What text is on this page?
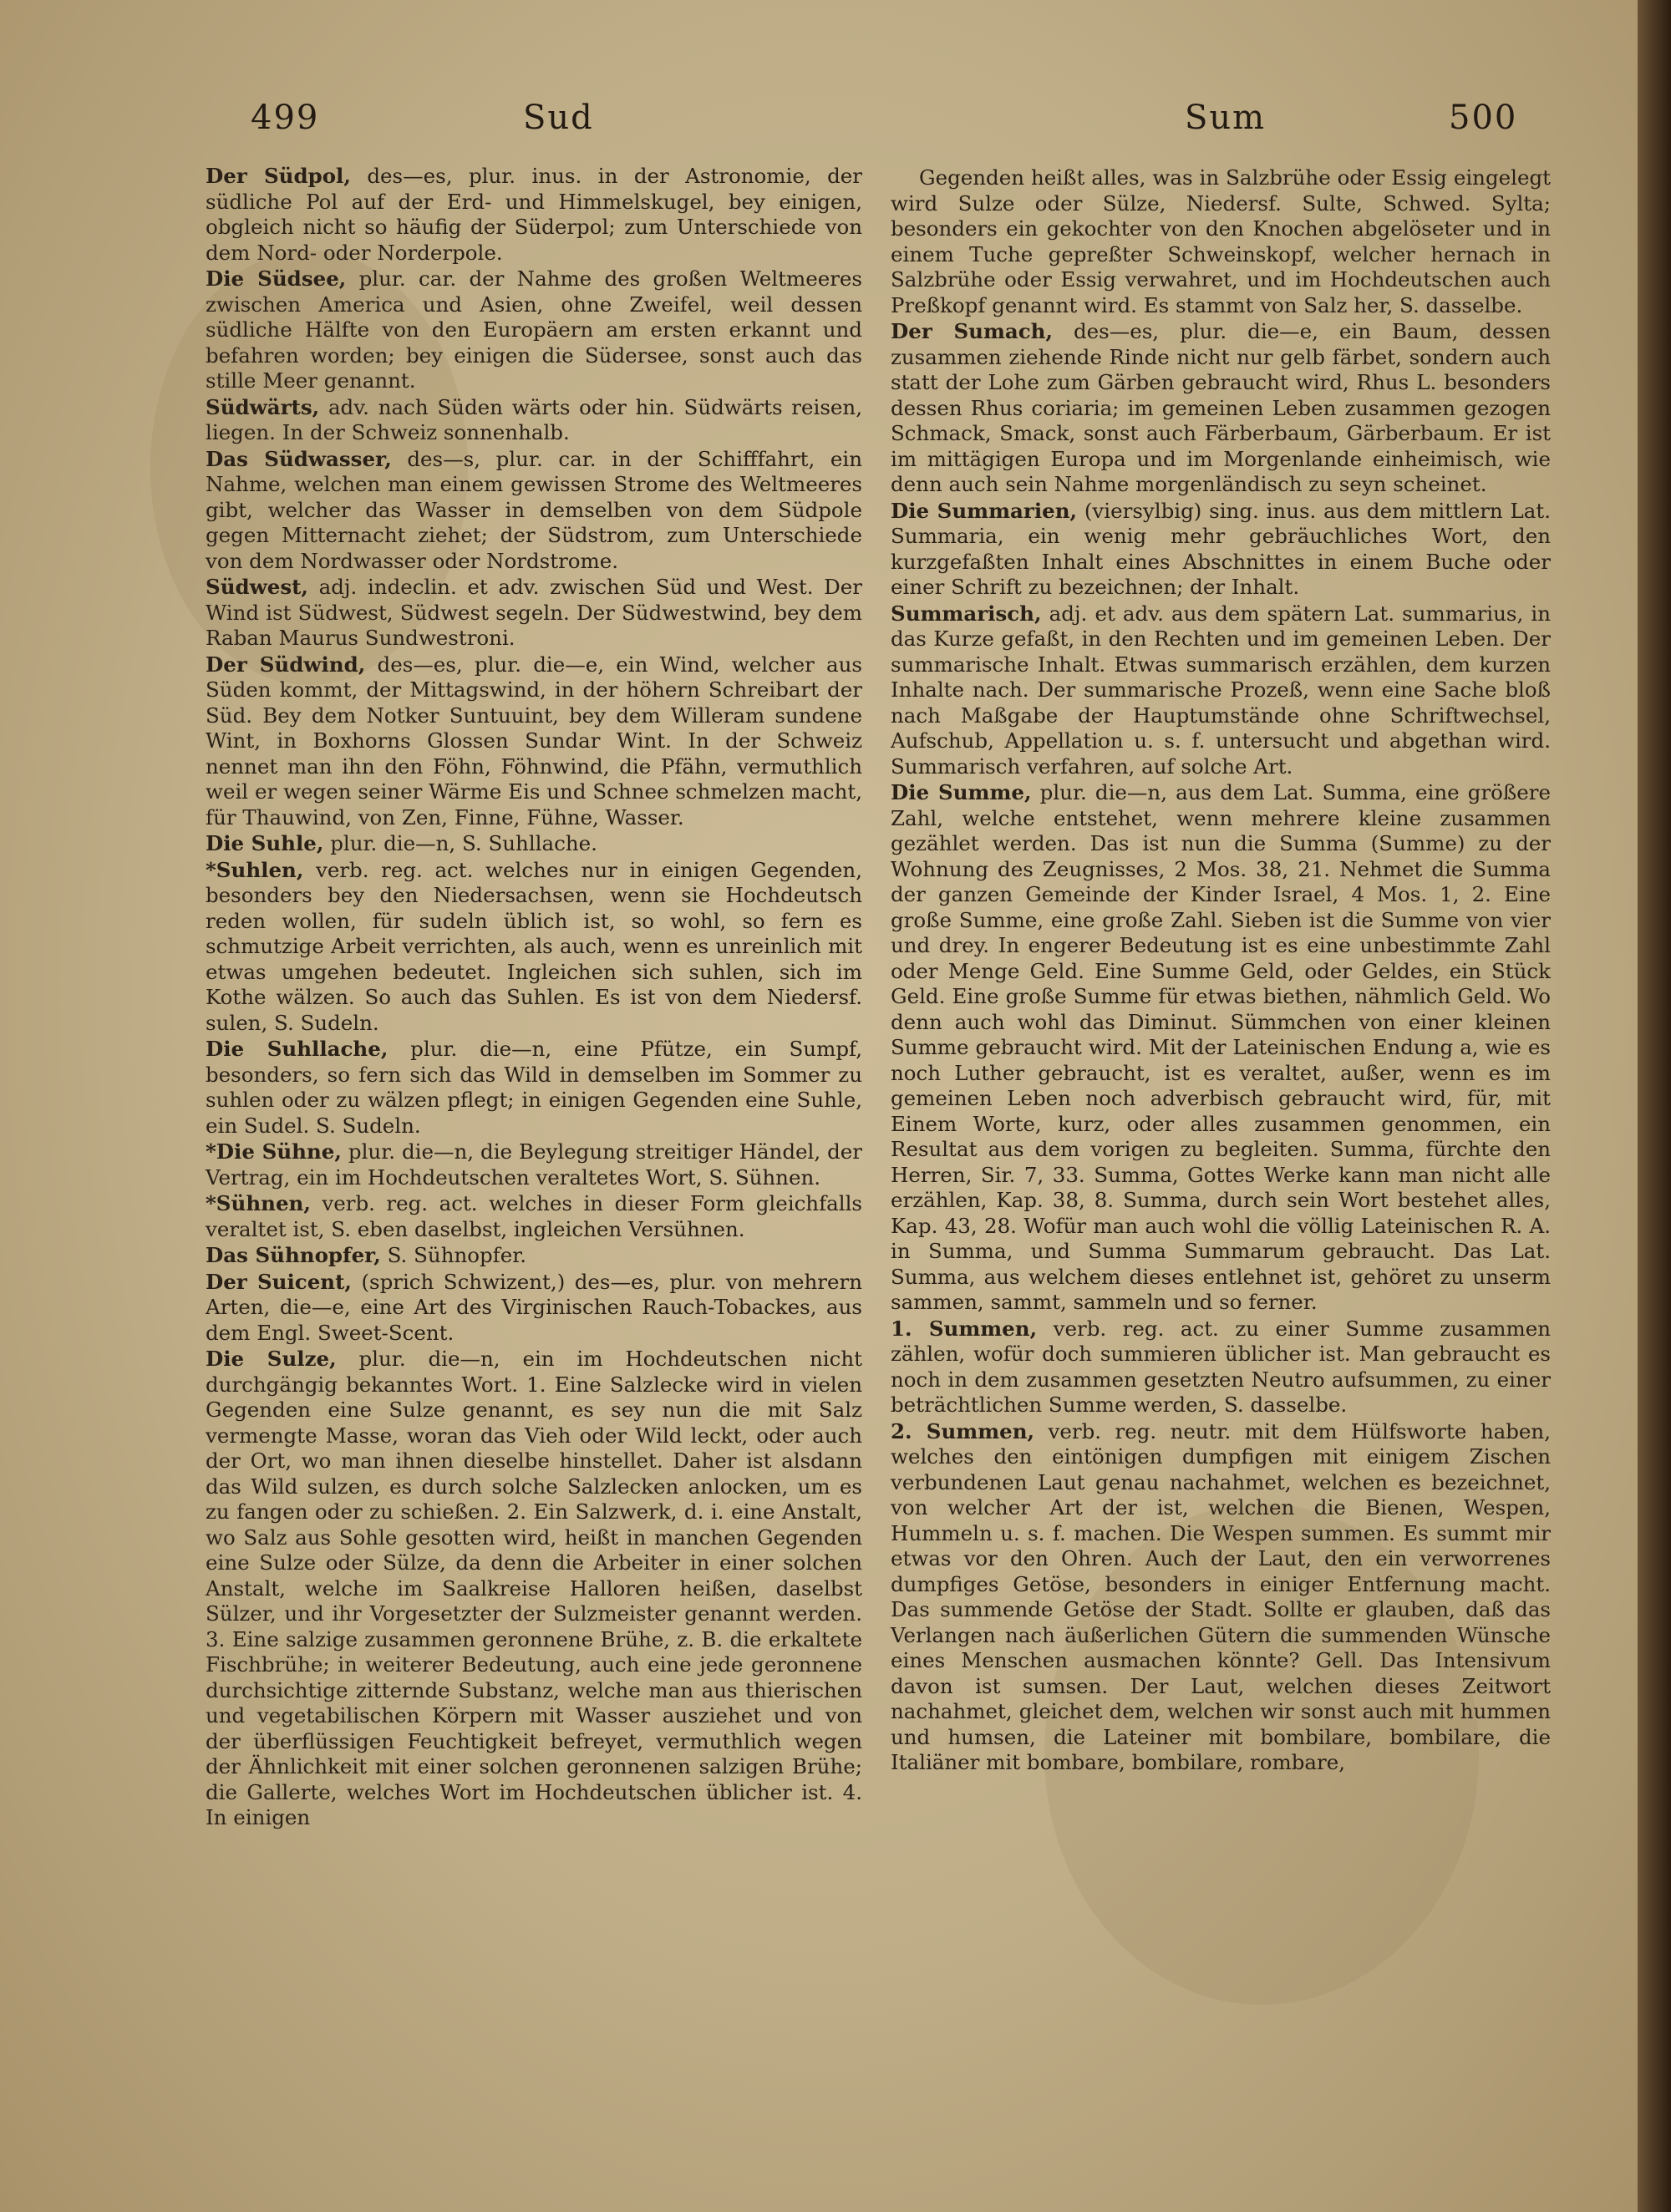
499	Sud	Sum	500

Der Südpol, des—es, plur. inus. in der Astronomie, der südliche Pol auf der Erd- und Himmelskugel, bey einigen, obgleich nicht so häufig der Süderpol; zum Unterschiede von dem Nord- oder Norderpole.

Die Südsee, plur. car. der Nahme des großen Weltmeeres zwischen America und Asien, ohne Zweifel, weil dessen südliche Hälfte von den Europäern am ersten erkannt und befahren worden; bey einigen die Südersee, sonst auch das stille Meer genannt.

Südwärts, adv. nach Süden wärts oder hin. Südwärts reisen, liegen. In der Schweiz sonnenhalb.

Das Südwasser, des—s, plur. car. in der Schifffahrt, ein Nahme, welchen man einem gewissen Strome des Weltmeeres gibt, welcher das Wasser in demselben von dem Südpole gegen Mitternacht ziehet; der Südstrom, zum Unterschiede von dem Nordwasser oder Nordstrome.

Südwest, adj. indeclin. et adv. zwischen Süd und West. Der Wind ist Südwest, Südwest segeln. Der Südwestwind, bey dem Raban Maurus Sundwestroni.

Der Südwind, des—es, plur. die—e, ein Wind, welcher aus Süden kommt, der Mittagswind, in der höhern Schreibart der Süd. Bey dem Notker Suntuuint, bey dem Willeram sundene Wint, in Boxhorns Glossen Sundar Wint. In der Schweiz nennet man ihn den Föhn, Föhnwind, die Pfähn, vermuthlich weil er wegen seiner Wärme Eis und Schnee schmelzen macht, für Thauwind, von Zen, Finne, Fühne, Wasser.

Die Suhle, plur. die—n, S. Suhllache.

*Suhlen, verb. reg. act. welches nur in einigen Gegenden, besonders bey den Niedersachsen, wenn sie Hochdeutsch reden wollen, für sudeln üblich ist, so wohl, so fern es schmutzige Arbeit verrichten, als auch, wenn es unreinlich mit etwas umgehen bedeutet. Ingleichen sich suhlen, sich im Kothe wälzen. So auch das Suhlen. Es ist von dem Niedersf. sulen, S. Sudeln.

Die Suhllache, plur. die—n, eine Pfütze, ein Sumpf, besonders, so fern sich das Wild in demselben im Sommer zu suhlen oder zu wälzen pflegt; in einigen Gegenden eine Suhle, ein Sudel. S. Sudeln.

*Die Sühne, plur. die—n, die Beylegung streitiger Händel, der Vertrag, ein im Hochdeutschen veraltetes Wort, S. Sühnen.

*Sühnen, verb. reg. act. welches in dieser Form gleichfalls veraltet ist, S. eben daselbst, ingleichen Versühnen.

Das Sühnopfer, S. Sühnopfer.

Der Suicent, (sprich Schwizent,) des—es, plur. von mehrern Arten, die—e, eine Art des Virginischen Rauch-Tobackes, aus dem Engl. Sweet-Scent.

Die Sulze, plur. die—n, ein im Hochdeutschen nicht durchgängig bekanntes Wort. 1. Eine Salzlecke wird in vielen Gegenden eine Sulze genannt, es sey nun die mit Salz vermengte Masse, woran das Vieh oder Wild leckt, oder auch der Ort, wo man ihnen dieselbe hinstellet. Daher ist alsdann das Wild sulzen, es durch solche Salzlecken anlocken, um es zu fangen oder zu schießen. 2. Ein Salzwerk, d. i. eine Anstalt, wo Salz aus Sohle gesotten wird, heißt in manchen Gegenden eine Sulze oder Sülze, da denn die Arbeiter in einer solchen Anstalt, welche im Saalkreise Halloren heißen, daselbst Sülzer, und ihr Vorgesetzter der Sulzmeister genannt werden. 3. Eine salzige zusammen geronnene Brühe, z. B. die erkaltete Fischbrühe; in weiterer Bedeutung, auch eine jede geronnene durchsichtige zitternde Substanz, welche man aus thierischen und vegetabilischen Körpern mit Wasser ausziehet und von der überflüssigen Feuchtigkeit befreyet, vermuthlich wegen der Ähnlichkeit mit einer solchen geronnenen salzigen Brühe; die Gallerte, welches Wort im Hochdeutschen üblicher ist. 4. In einigen

Gegenden heißt alles, was in Salzbrühe oder Essig eingelegt wird Sulze oder Sülze, Niedersf. Sulte, Schwed. Sylta; besonders ein gekochter von den Knochen abgelöseter und in einem Tuche gepreßter Schweinskopf, welcher hernach in Salzbrühe oder Essig verwahret, und im Hochdeutschen auch Preßkopf genannt wird. Es stammt von Salz her, S. dasselbe.

Der Sumach, des—es, plur. die—e, ein Baum, dessen zusammen ziehende Rinde nicht nur gelb färbet, sondern auch statt der Lohe zum Gärben gebraucht wird, Rhus L. besonders dessen Rhus coriaria; im gemeinen Leben zusammen gezogen Schmack, Smack, sonst auch Färberbaum, Gärberbaum. Er ist im mittägigen Europa und im Morgenlande einheimisch, wie denn auch sein Nahme morgenländisch zu seyn scheinet.

Die Summarien, (viersylbig) sing. inus. aus dem mittlern Lat. Summaria, ein wenig mehr gebräuchliches Wort, den kurzgefaßten Inhalt eines Abschnittes in einem Buche oder einer Schrift zu bezeichnen; der Inhalt.

Summarisch, adj. et adv. aus dem spätern Lat. summarius, in das Kurze gefaßt, in den Rechten und im gemeinen Leben. Der summarische Inhalt. Etwas summarisch erzählen, dem kurzen Inhalte nach. Der summarische Prozeß, wenn eine Sache bloß nach Maßgabe der Hauptumstände ohne Schriftwechsel, Aufschub, Appellation u. s. f. untersucht und abgethan wird. Summarisch verfahren, auf solche Art.

Die Summe, plur. die—n, aus dem Lat. Summa, eine größere Zahl, welche entstehet, wenn mehrere kleine zusammen gezählet werden. Das ist nun die Summa (Summe) zu der Wohnung des Zeugnisses, 2 Mos. 38, 21. Nehmet die Summa der ganzen Gemeinde der Kinder Israel, 4 Mos. 1, 2. Eine große Summe, eine große Zahl. Sieben ist die Summe von vier und drey. In engerer Bedeutung ist es eine unbestimmte Zahl oder Menge Geld. Eine Summe Geld, oder Geldes, ein Stück Geld. Eine große Summe für etwas biethen, nähmlich Geld. Wo denn auch wohl das Diminut. Sümmchen von einer kleinen Summe gebraucht wird. Mit der Lateinischen Endung a, wie es noch Luther gebraucht, ist es veraltet, außer, wenn es im gemeinen Leben noch adverbisch gebraucht wird, für, mit Einem Worte, kurz, oder alles zusammen genommen, ein Resultat aus dem vorigen zu begleiten. Summa, fürchte den Herren, Sir. 7, 33. Summa, Gottes Werke kann man nicht alle erzählen, Kap. 38, 8. Summa, durch sein Wort bestehet alles, Kap. 43, 28. Wofür man auch wohl die völlig Lateinischen R. A. in Summa, und Summa Summarum gebraucht. Das Lat. Summa, aus welchem dieses entlehnet ist, gehöret zu unserm sammen, sammt, sammeln und so ferner.

1. Summen, verb. reg. act. zu einer Summe zusammen zählen, wofür doch summieren üblicher ist. Man gebraucht es noch in dem zusammen gesetzten Neutro aufsummen, zu einer beträchtlichen Summe werden, S. dasselbe.

2. Summen, verb. reg. neutr. mit dem Hülfsworte haben, welches den eintönigen dumpfigen mit einigem Zischen verbundenen Laut genau nachahmet, welchen es bezeichnet, von welcher Art der ist, welchen die Bienen, Wespen, Hummeln u. s. f. machen. Die Wespen summen. Es summt mir etwas vor den Ohren. Auch der Laut, den ein verworrenes dumpfiges Getöse, besonders in einiger Entfernung macht. Das summende Getöse der Stadt. Sollte er glauben, daß das Verlangen nach äußerlichen Gütern die summenden Wünsche eines Menschen ausmachen könnte? Gell. Das Intensivum davon ist sumsen. Der Laut, welchen dieses Zeitwort nachahmet, gleichet dem, welchen wir sonst auch mit hummen und humsen, die Lateiner mit bombilare, bombilare, die Italiäner mit bombare, bombilare, rombare,
